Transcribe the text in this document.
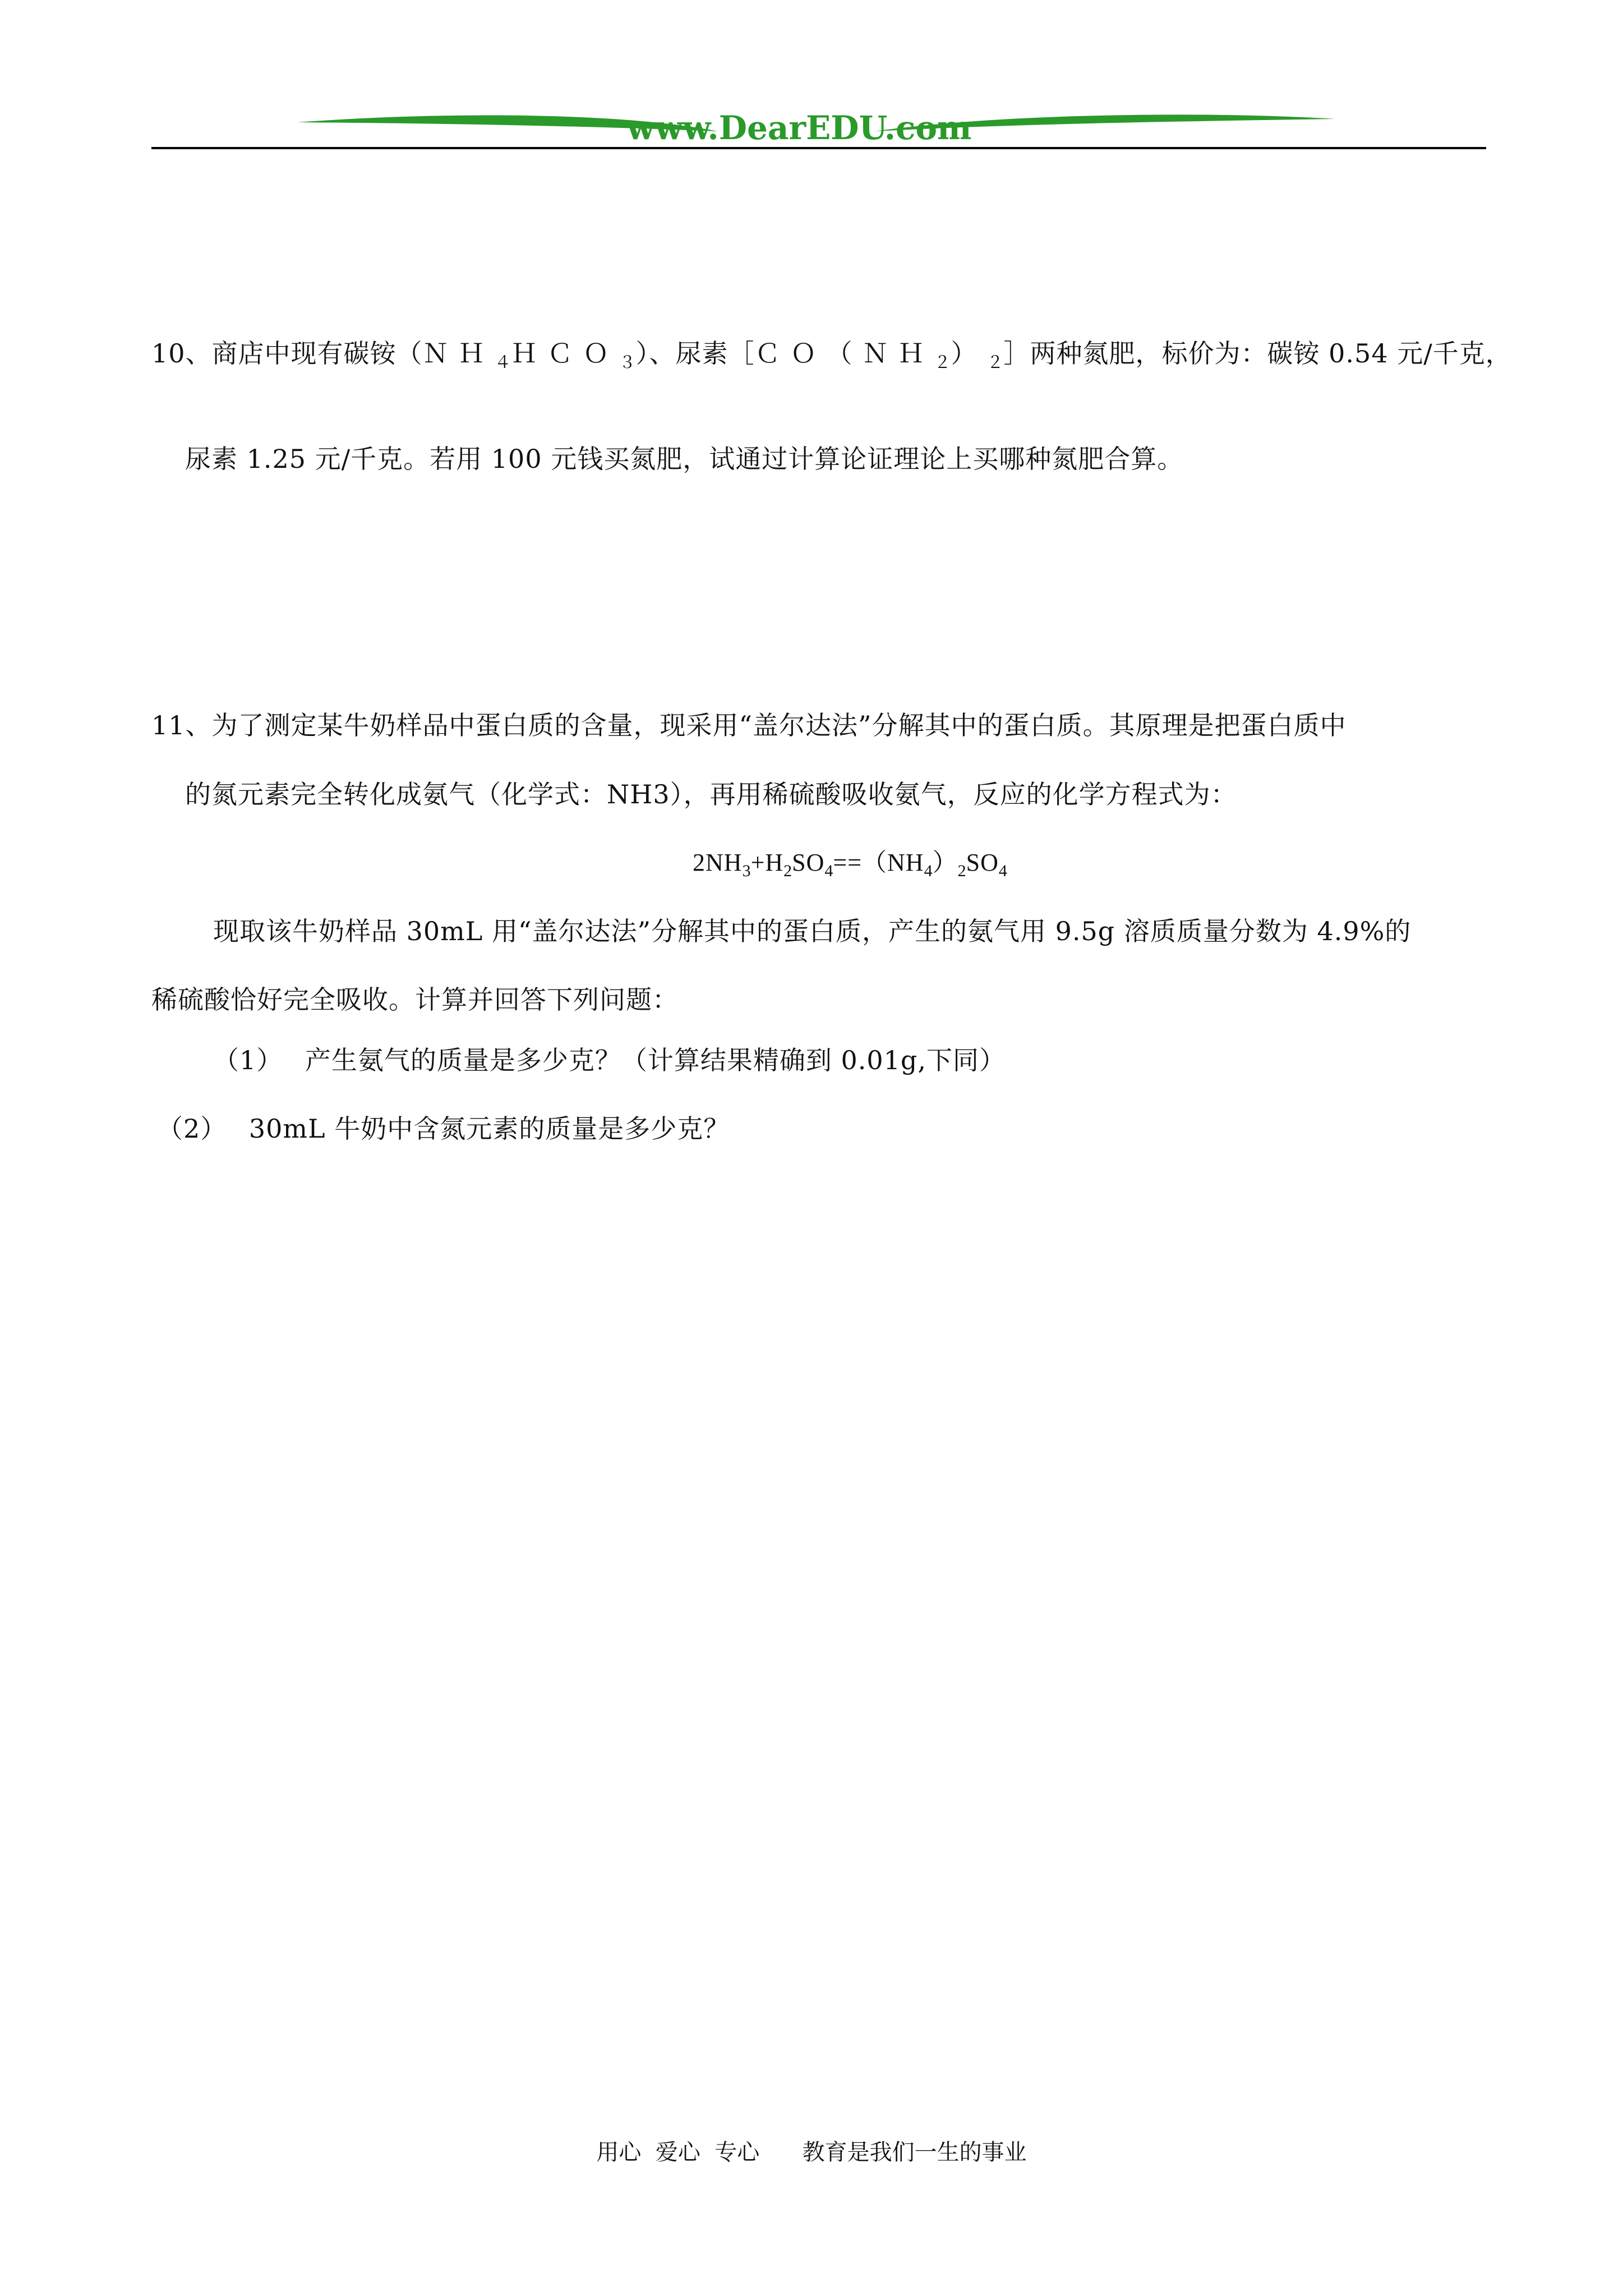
www.DearEDU.com
10、商店中现有碳铵（ＮＨ$_4$ＨＣＯ$_3$）、尿素$[CO(NH_2)_2]$两种氮肥，标价为：碳铵 0.54 元/千克，
尿素 1.25 元/千克。若用 100 元钱买氮肥，试通过计算论证理论上买哪种氮肥合算。
11、为了测定某牛奶样品中蛋白质的含量，现采用“盖尔达法”分解其中的蛋白质。其原理是把蛋白质中
的氮元素完全转化成氨气（化学式：NH3），再用稀硫酸吸收氨气，反应的化学方程式为：
$2NH_3+H_2SO_4==(NH_4)_2SO_4$
现取该牛奶样品 30mL 用“盖尔达法”分解其中的蛋白质，产生的氨气用 9.5g 溶质质量分数为 4.9%的
稀硫酸恰好完全吸收。计算并回答下列问题：
（1）　 产生氨气的质量是多少克？（计算结果精确到 0.01g,下同）
（2）　 30mL 牛奶中含氮元素的质量是多少克？
用心  爱心  专心      教育是我们一生的事业
